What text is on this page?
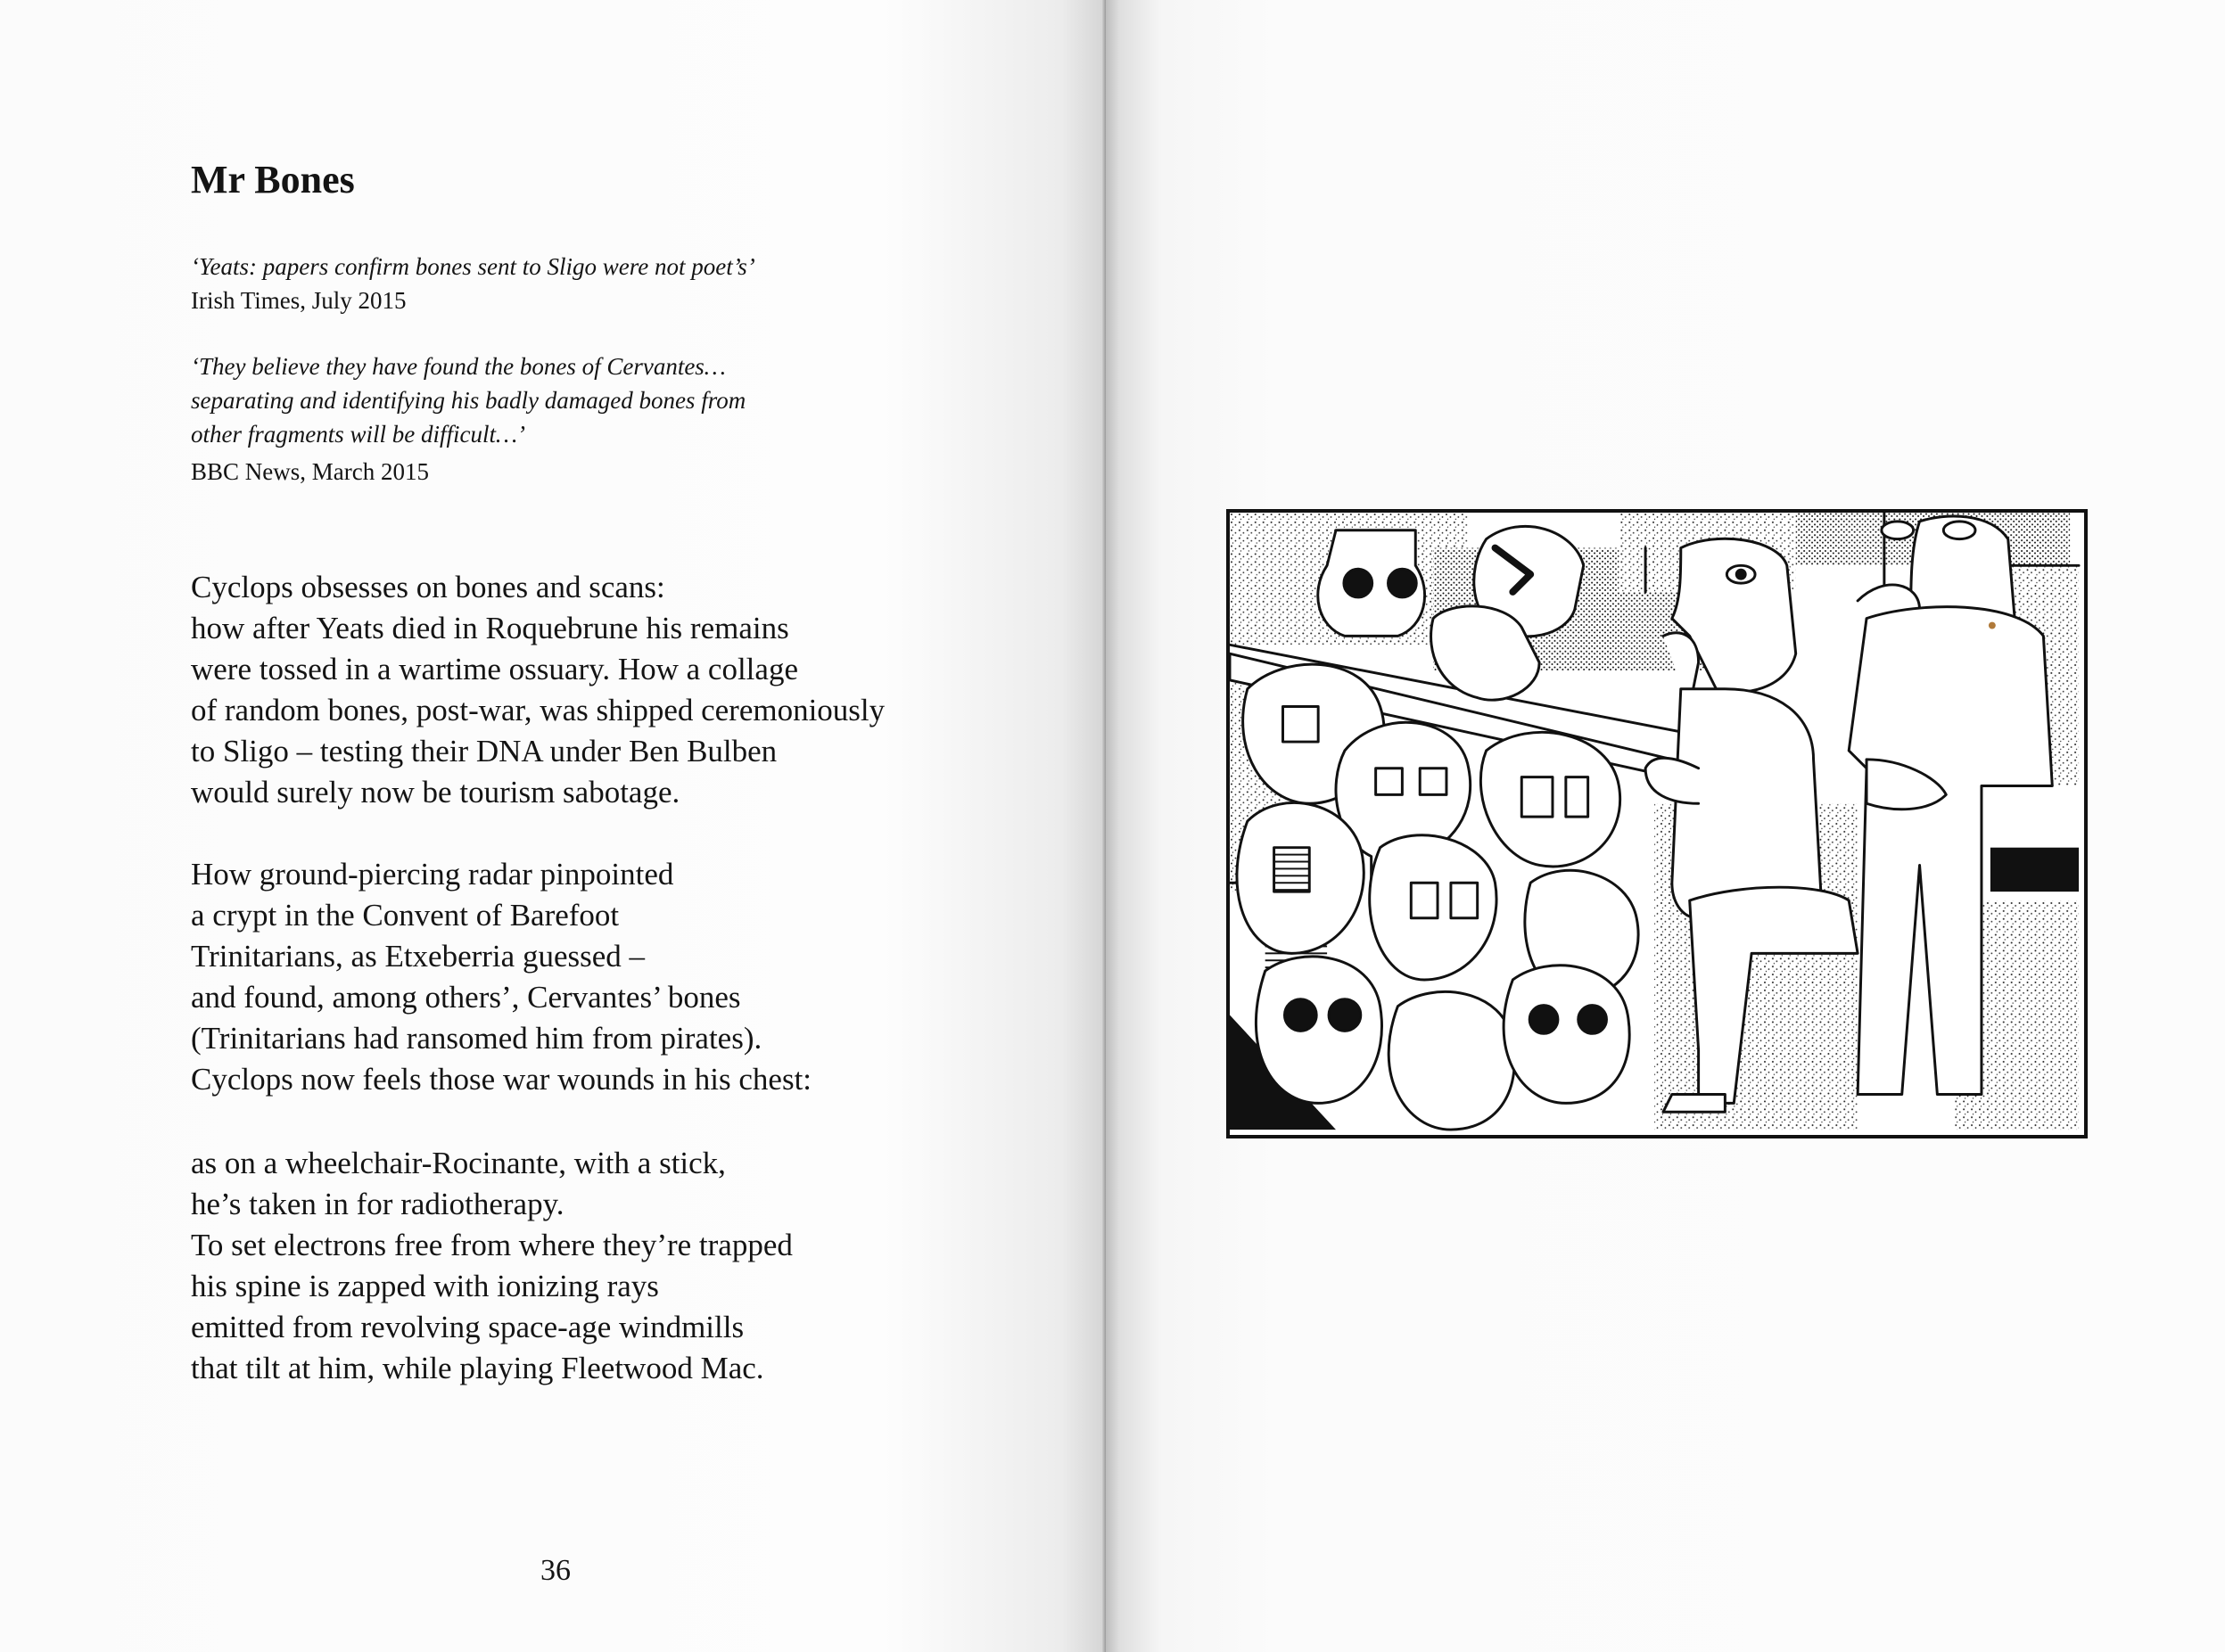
Mr Bones

‘Yeats: papers confirm bones sent to Sligo were not poet’s’
Irish Times, July 2015

‘They believe they have found the bones of Cervantes…
separating and identifying his badly damaged bones from
other fragments will be difficult…’
BBC News, March 2015

Cyclops obsesses on bones and scans:
how after Yeats died in Roquebrune his remains
were tossed in a wartime ossuary. How a collage
of random bones, post-war, was shipped ceremoniously
to Sligo – testing their DNA under Ben Bulben
would surely now be tourism sabotage.

How ground-piercing radar pinpointed
a crypt in the Convent of Barefoot
Trinitarians, as Etxeberria guessed –
and found, among others’, Cervantes’ bones
(Trinitarians had ransomed him from pirates).
Cyclops now feels those war wounds in his chest:

as on a wheelchair-Rocinante, with a stick,
he’s taken in for radiotherapy.
To set electrons free from where they’re trapped
his spine is zapped with ionizing rays
emitted from revolving space-age windmills
that tilt at him, while playing Fleetwood Mac.

36
